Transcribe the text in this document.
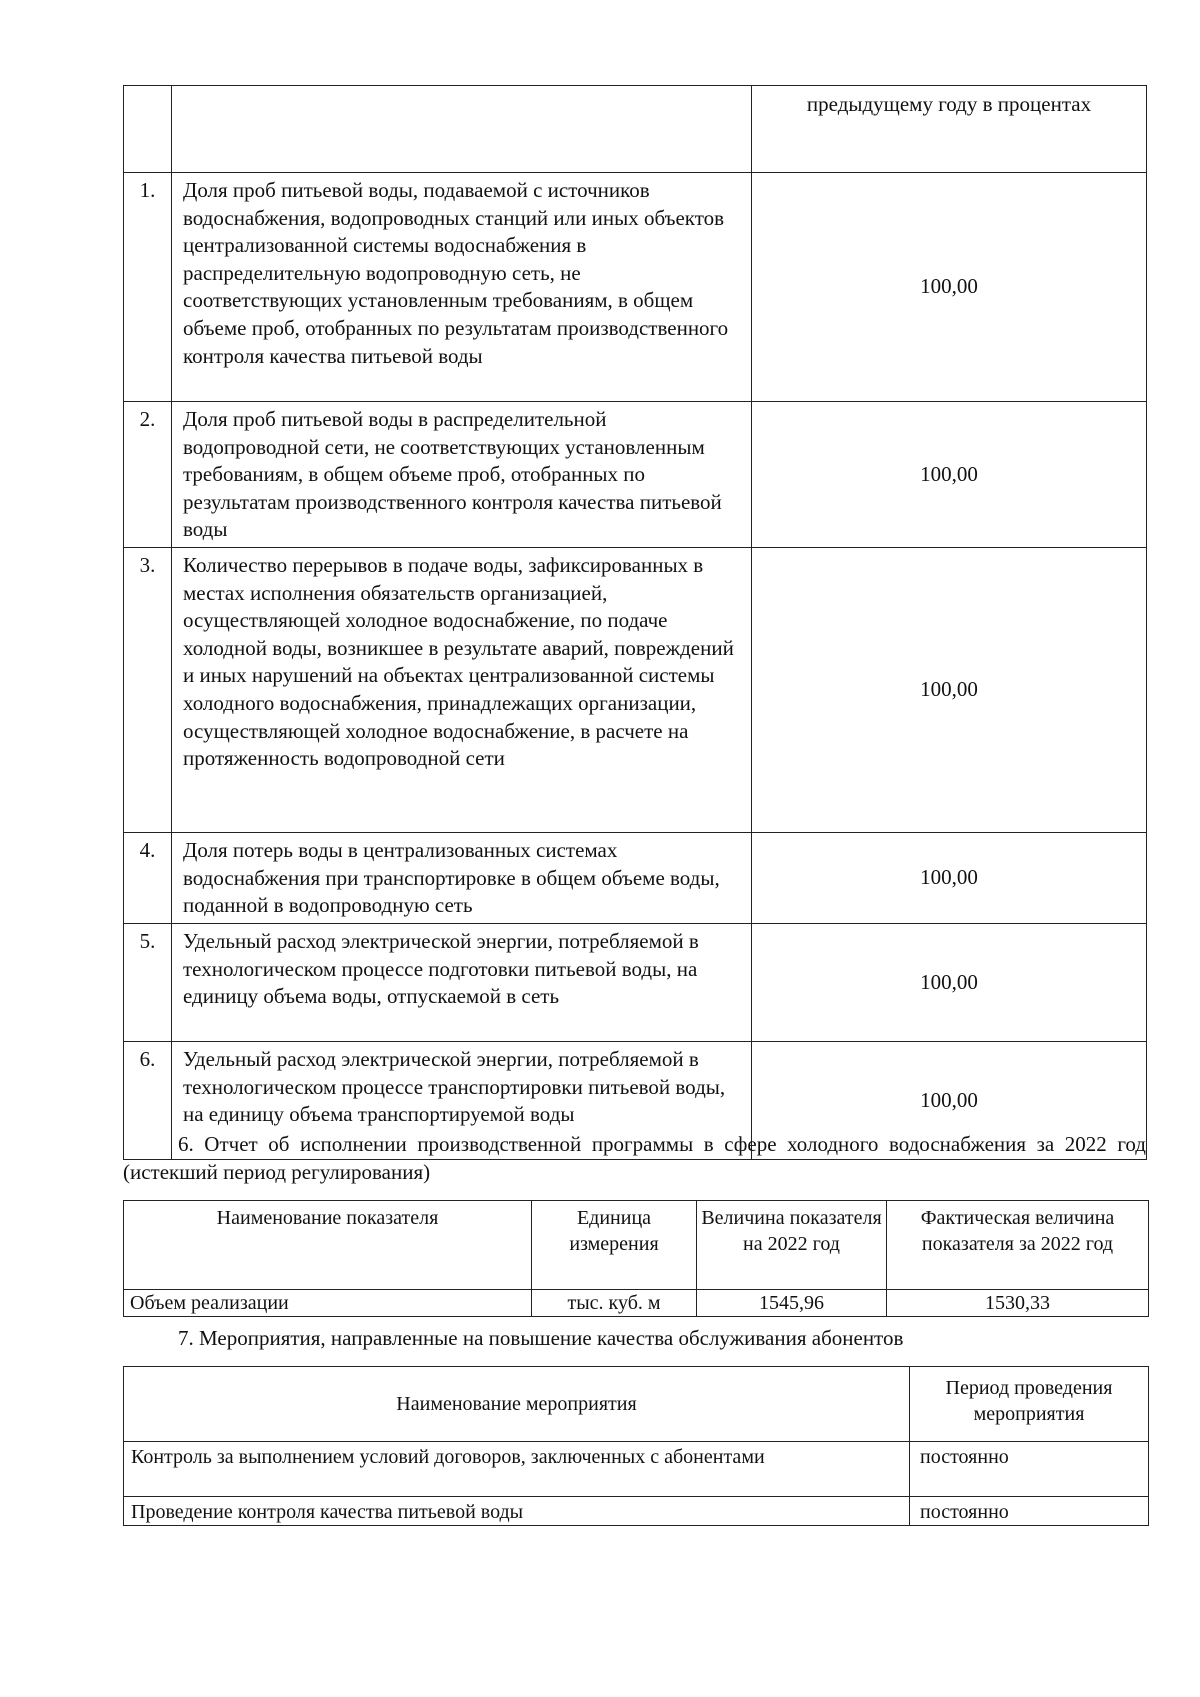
		предыдущему году в процентах
1.	Доля проб питьевой воды, подаваемой с источников водоснабжения, водопроводных станций или иных объектов централизованной системы водоснабжения в распределительную водопроводную сеть, не соответствующих установленным требованиям, в общем объеме проб, отобранных по результатам производственного контроля качества питьевой воды	100,00
2.	Доля проб питьевой воды в распределительной водопроводной сети, не соответствующих установленным требованиям, в общем объеме проб, отобранных по результатам производственного контроля качества питьевой воды	100,00
3.	Количество перерывов в подаче воды, зафиксированных в местах исполнения обязательств организацией, осуществляющей холодное водоснабжение, по подаче холодной воды, возникшее в результате аварий, повреждений и иных нарушений на объектах централизованной системы холодного водоснабжения, принадлежащих организации, осуществляющей холодное водоснабжение, в расчете на протяженность водопроводной сети	100,00
4.	Доля потерь воды в централизованных системах водоснабжения при транспортировке в общем объеме воды, поданной в водопроводную сеть	100,00
5.	Удельный расход электрической энергии, потребляемой в технологическом процессе подготовки питьевой воды, на единицу объема воды, отпускаемой в сеть	100,00
6.	Удельный расход электрической энергии, потребляемой в технологическом процессе транспортировки питьевой воды, на единицу объема транспортируемой воды	100,00
6. Отчет об исполнении производственной программы в сфере холодного водоснабжения за 2022 год (истекший период регулирования)
Наименование показателя	Единица измерения	Величина показателя на 2022 год	Фактическая величина показателя за 2022 год
Объем реализации	тыс. куб. м	1545,96	1530,33
7. Мероприятия, направленные на повышение качества обслуживания абонентов
Наименование мероприятия	Период проведения мероприятия
Контроль за выполнением условий договоров, заключенных с абонентами	постоянно
Проведение контроля качества питьевой воды	постоянно
